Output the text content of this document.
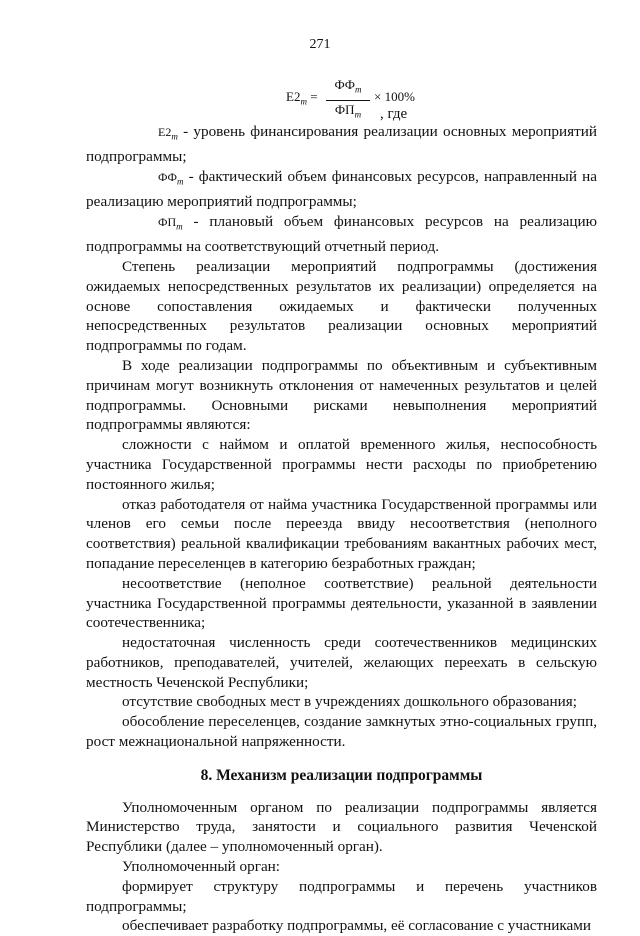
271
$E2_m$ =
$ФФ_m$
$ФП_m$
× 100%
, где

$E2_m$ - уровень финансирования реализации основных мероприятий подпрограммы;

$ФФ_m$ - фактический объем финансовых ресурсов, направленный на реализацию мероприятий подпрограммы;

$ФП_m$ - плановый объем финансовых ресурсов на реализацию подпрограммы на соответствующий отчетный период.

Степень реализации мероприятий подпрограммы (достижения ожидаемых непосредственных результатов их реализации) определяется на основе сопоставления ожидаемых и фактически полученных непосредственных результатов реализации основных мероприятий подпрограммы по годам.

В ходе реализации подпрограммы по объективным и субъективным причинам могут возникнуть отклонения от намеченных результатов и целей подпрограммы. Основными рисками невыполнения мероприятий подпрограммы являются:

сложности с наймом и оплатой временного жилья, неспособность участника Государственной программы нести расходы по приобретению постоянного жилья;

отказ работодателя от найма участника Государственной программы или членов его семьи после переезда ввиду несоответствия (неполного соответствия) реальной квалификации требованиям вакантных рабочих мест, попадание переселенцев в категорию безработных граждан;

несоответствие (неполное соответствие) реальной деятельности участника Государственной программы деятельности, указанной в заявлении соотечественника;

недостаточная численность среди соотечественников медицинских работников, преподавателей, учителей, желающих переехать в сельскую местность Чеченской Республики;

отсутствие свободных мест в учреждениях дошкольного образования;

обособление переселенцев, создание замкнутых этно-социальных групп, рост межнациональной напряженности.

8. Механизм реализации подпрограммы

Уполномоченным органом по реализации подпрограммы является Министерство труда, занятости и социального развития Чеченской Республики (далее – уполномоченный орган).

Уполномоченный орган:

формирует структуру подпрограммы и перечень участников подпрограммы;

обеспечивает разработку подпрограммы, её согласование с участниками
